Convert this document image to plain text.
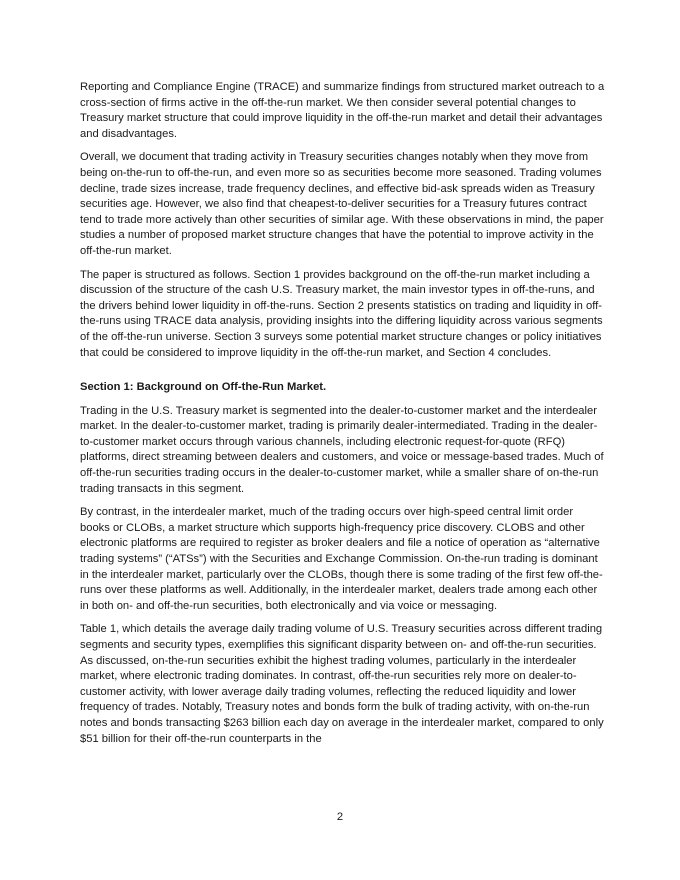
Reporting and Compliance Engine (TRACE) and summarize findings from structured market outreach to a cross-section of firms active in the off-the-run market. We then consider several potential changes to Treasury market structure that could improve liquidity in the off-the-run market and detail their advantages and disadvantages.

Overall, we document that trading activity in Treasury securities changes notably when they move from being on-the-run to off-the-run, and even more so as securities become more seasoned. Trading volumes decline, trade sizes increase, trade frequency declines, and effective bid-ask spreads widen as Treasury securities age. However, we also find that cheapest-to-deliver securities for a Treasury futures contract tend to trade more actively than other securities of similar age. With these observations in mind, the paper studies a number of proposed market structure changes that have the potential to improve activity in the off-the-run market.

The paper is structured as follows. Section 1 provides background on the off-the-run market including a discussion of the structure of the cash U.S. Treasury market, the main investor types in off-the-runs, and the drivers behind lower liquidity in off-the-runs. Section 2 presents statistics on trading and liquidity in off-the-runs using TRACE data analysis, providing insights into the differing liquidity across various segments of the off-the-run universe. Section 3 surveys some potential market structure changes or policy initiatives that could be considered to improve liquidity in the off-the-run market, and Section 4 concludes.

Section 1: Background on Off-the-Run Market.

Trading in the U.S. Treasury market is segmented into the dealer-to-customer market and the interdealer market. In the dealer-to-customer market, trading is primarily dealer-intermediated. Trading in the dealer-to-customer market occurs through various channels, including electronic request-for-quote (RFQ) platforms, direct streaming between dealers and customers, and voice or message-based trades. Much of off-the-run securities trading occurs in the dealer-to-customer market, while a smaller share of on-the-run trading transacts in this segment.

By contrast, in the interdealer market, much of the trading occurs over high-speed central limit order books or CLOBs, a market structure which supports high-frequency price discovery. CLOBS and other electronic platforms are required to register as broker dealers and file a notice of operation as “alternative trading systems” (“ATSs”) with the Securities and Exchange Commission. On-the-run trading is dominant in the interdealer market, particularly over the CLOBs, though there is some trading of the first few off-the-runs over these platforms as well. Additionally, in the interdealer market, dealers trade among each other in both on- and off-the-run securities, both electronically and via voice or messaging.

Table 1, which details the average daily trading volume of U.S. Treasury securities across different trading segments and security types, exemplifies this significant disparity between on- and off-the-run securities. As discussed, on-the-run securities exhibit the highest trading volumes, particularly in the interdealer market, where electronic trading dominates. In contrast, off-the-run securities rely more on dealer-to-customer activity, with lower average daily trading volumes, reflecting the reduced liquidity and lower frequency of trades. Notably, Treasury notes and bonds form the bulk of trading activity, with on-the-run notes and bonds transacting $263 billion each day on average in the interdealer market, compared to only $51 billion for their off-the-run counterparts in the

2
